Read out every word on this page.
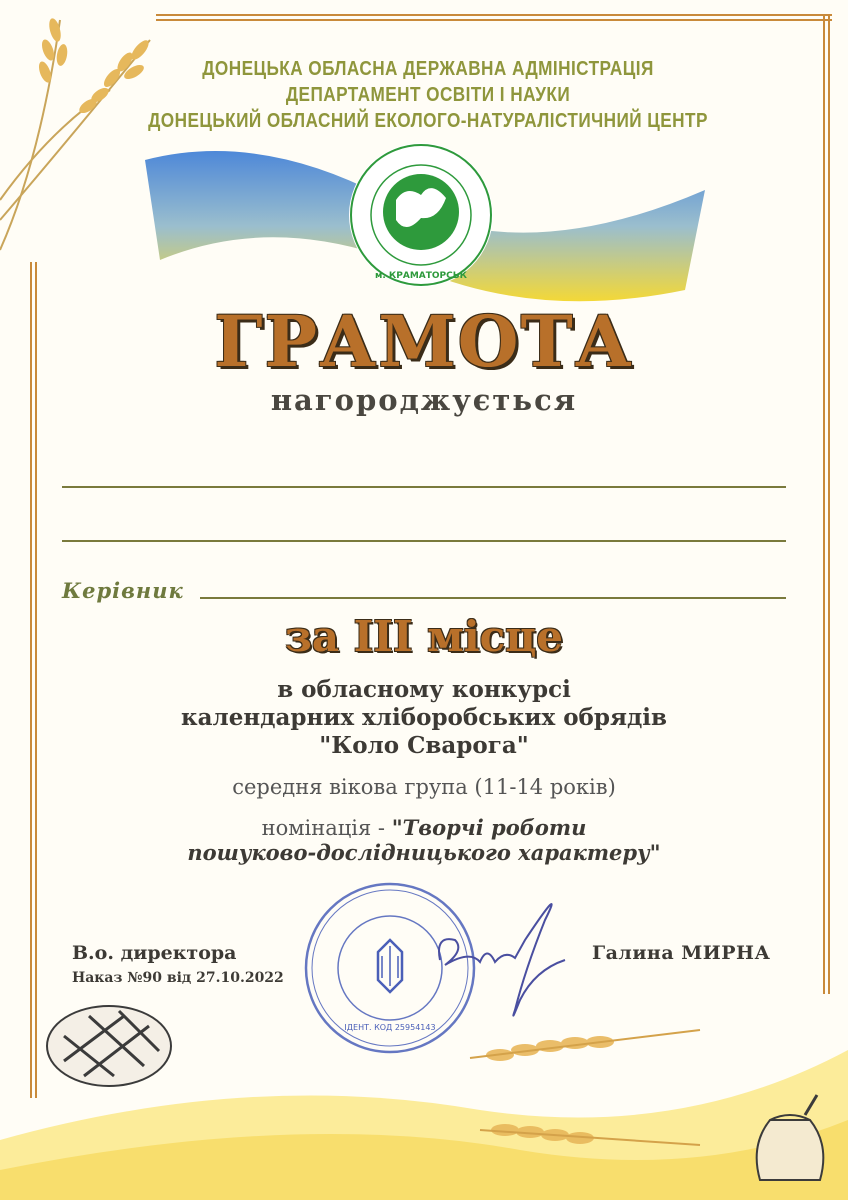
ДОНЕЦЬКА ОБЛАСНА ДЕРЖАВНА АДМІНІСТРАЦІЯ
ДЕПАРТАМЕНТ ОСВІТИ І НАУКИ
ДОНЕЦЬКИЙ ОБЛАСНИЙ ЕКОЛОГО-НАТУРАЛІСТИЧНИЙ ЦЕНТР
м. КРАМАТОРСЬК
ГРАМОТА
нагороджується
Керівник
за ІІІ місце
в обласному конкурсі
календарних хліборобських обрядів
"Коло Сварога"
середня вікова група (11-14 років)
номінація - "Творчі роботи
пошуково-дослідницького характеру"
ІДЕНТ. КОД 25954143
В.о. директора
Наказ №90 від 27.10.2022
Галина МИРНА
